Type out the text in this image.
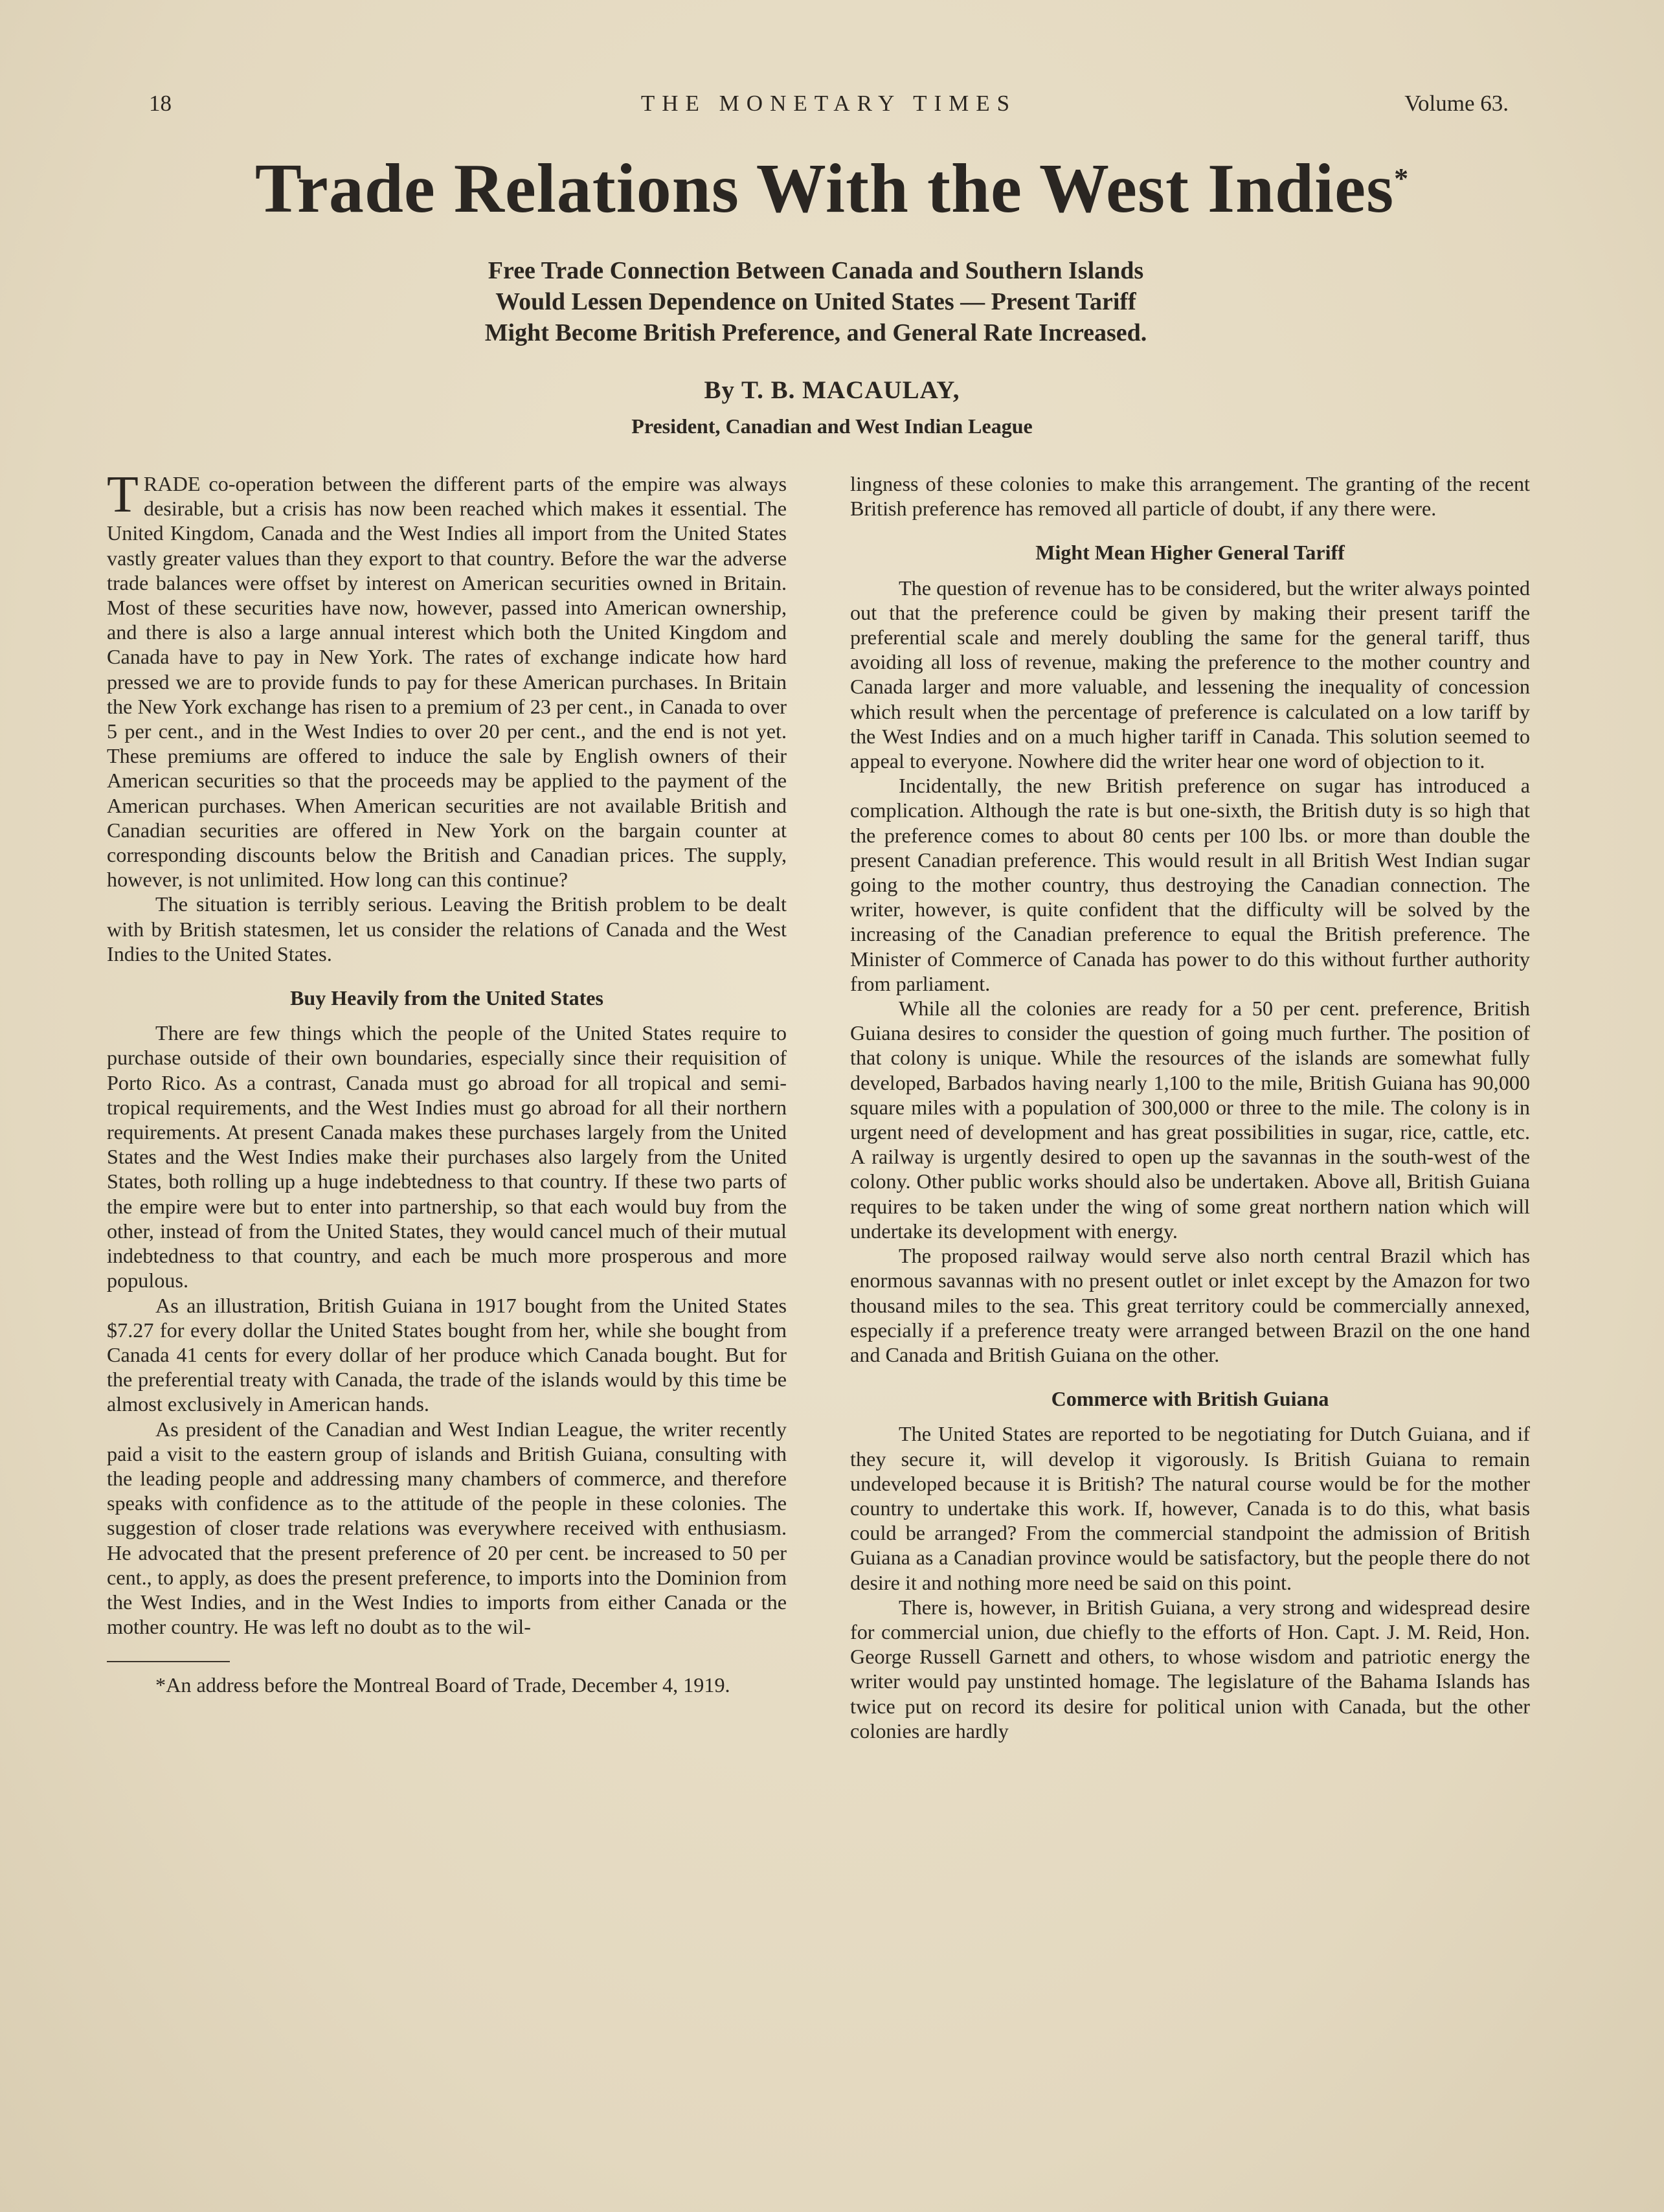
18	THE MONETARY TIMES	Volume 63.
Trade Relations With the West Indies*
Free Trade Connection Between Canada and Southern Islands
Would Lessen Dependence on United States — Present Tariff
Might Become British Preference, and General Rate Increased.
By T. B. MACAULAY,
President, Canadian and West Indian League

TRADE co-operation between the different parts of the empire was always desirable, but a crisis has now been reached which makes it essential. The United Kingdom, Canada and the West Indies all import from the United States vastly greater values than they export to that country. Before the war the adverse trade balances were offset by interest on American securities owned in Britain. Most of these securities have now, however, passed into American ownership, and there is also a large annual interest which both the United Kingdom and Canada have to pay in New York. The rates of exchange indicate how hard pressed we are to provide funds to pay for these American purchases. In Britain the New York exchange has risen to a premium of 23 per cent., in Canada to over 5 per cent., and in the West Indies to over 20 per cent., and the end is not yet. These premiums are offered to induce the sale by English owners of their American securities so that the proceeds may be applied to the payment of the American purchases. When American securities are not available British and Canadian securities are offered in New York on the bargain counter at corresponding discounts below the British and Canadian prices. The supply, however, is not unlimited. How long can this continue?

The situation is terribly serious. Leaving the British problem to be dealt with by British statesmen, let us consider the relations of Canada and the West Indies to the United States.

Buy Heavily from the United States

There are few things which the people of the United States require to purchase outside of their own boundaries, especially since their requisition of Porto Rico. As a contrast, Canada must go abroad for all tropical and semi-tropical requirements, and the West Indies must go abroad for all their northern requirements. At present Canada makes these purchases largely from the United States and the West Indies make their purchases also largely from the United States, both rolling up a huge indebtedness to that country. If these two parts of the empire were but to enter into partnership, so that each would buy from the other, instead of from the United States, they would cancel much of their mutual indebtedness to that country, and each be much more prosperous and more populous.

As an illustration, British Guiana in 1917 bought from the United States $7.27 for every dollar the United States bought from her, while she bought from Canada 41 cents for every dollar of her produce which Canada bought. But for the preferential treaty with Canada, the trade of the islands would by this time be almost exclusively in American hands.

As president of the Canadian and West Indian League, the writer recently paid a visit to the eastern group of islands and British Guiana, consulting with the leading people and addressing many chambers of commerce, and therefore speaks with confidence as to the attitude of the people in these colonies. The suggestion of closer trade relations was everywhere received with enthusiasm. He advocated that the present preference of 20 per cent. be increased to 50 per cent., to apply, as does the present preference, to imports into the Dominion from the West Indies, and in the West Indies to imports from either Canada or the mother country. He was left no doubt as to the wil-

*An address before the Montreal Board of Trade, December 4, 1919.

lingness of these colonies to make this arrangement. The granting of the recent British preference has removed all particle of doubt, if any there were.

Might Mean Higher General Tariff

The question of revenue has to be considered, but the writer always pointed out that the preference could be given by making their present tariff the preferential scale and merely doubling the same for the general tariff, thus avoiding all loss of revenue, making the preference to the mother country and Canada larger and more valuable, and lessening the inequality of concession which result when the percentage of preference is calculated on a low tariff by the West Indies and on a much higher tariff in Canada. This solution seemed to appeal to everyone. Nowhere did the writer hear one word of objection to it.

Incidentally, the new British preference on sugar has introduced a complication. Although the rate is but one-sixth, the British duty is so high that the preference comes to about 80 cents per 100 lbs. or more than double the present Canadian preference. This would result in all British West Indian sugar going to the mother country, thus destroying the Canadian connection. The writer, however, is quite confident that the difficulty will be solved by the increasing of the Canadian preference to equal the British preference. The Minister of Commerce of Canada has power to do this without further authority from parliament.

While all the colonies are ready for a 50 per cent. preference, British Guiana desires to consider the question of going much further. The position of that colony is unique. While the resources of the islands are somewhat fully developed, Barbados having nearly 1,100 to the mile, British Guiana has 90,000 square miles with a population of 300,000 or three to the mile. The colony is in urgent need of development and has great possibilities in sugar, rice, cattle, etc. A railway is urgently desired to open up the savannas in the south-west of the colony. Other public works should also be undertaken. Above all, British Guiana requires to be taken under the wing of some great northern nation which will undertake its development with energy.

The proposed railway would serve also north central Brazil which has enormous savannas with no present outlet or inlet except by the Amazon for two thousand miles to the sea. This great territory could be commercially annexed, especially if a preference treaty were arranged between Brazil on the one hand and Canada and British Guiana on the other.

Commerce with British Guiana

The United States are reported to be negotiating for Dutch Guiana, and if they secure it, will develop it vigorously. Is British Guiana to remain undeveloped because it is British? The natural course would be for the mother country to undertake this work. If, however, Canada is to do this, what basis could be arranged? From the commercial standpoint the admission of British Guiana as a Canadian province would be satisfactory, but the people there do not desire it and nothing more need be said on this point.

There is, however, in British Guiana, a very strong and widespread desire for commercial union, due chiefly to the efforts of Hon. Capt. J. M. Reid, Hon. George Russell Garnett and others, to whose wisdom and patriotic energy the writer would pay unstinted homage. The legislature of the Bahama Islands has twice put on record its desire for political union with Canada, but the other colonies are hardly
